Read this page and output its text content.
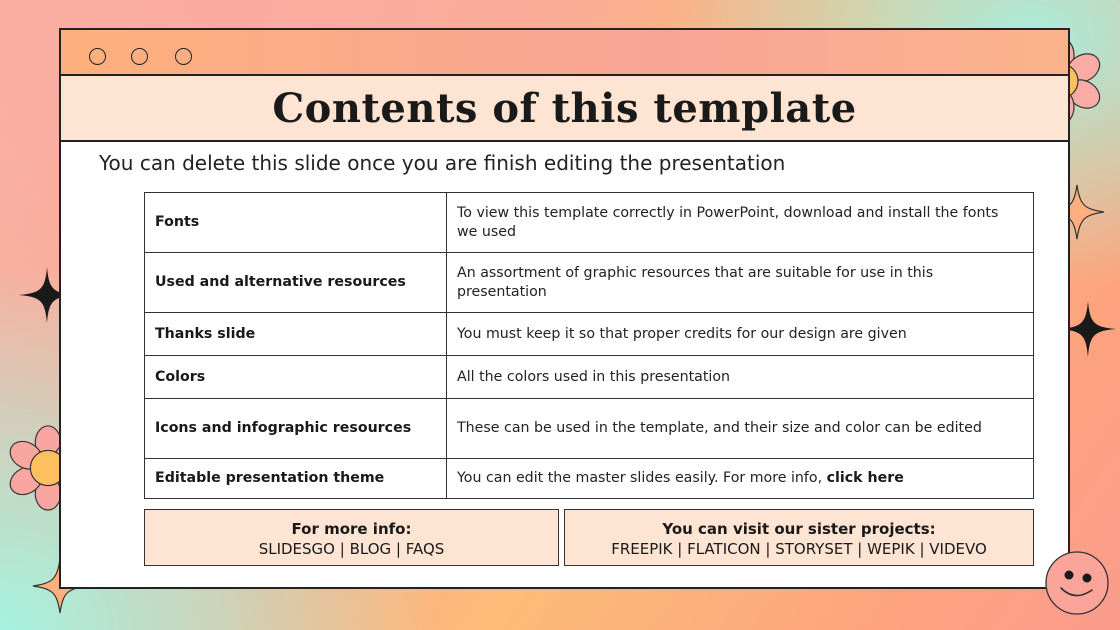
Contents of this template

You can delete this slide once you are finish editing the presentation

Fonts	To view this template correctly in PowerPoint, download and install the fonts we used
Used and alternative resources	An assortment of graphic resources that are suitable for use in this presentation
Thanks slide	You must keep it so that proper credits for our design are given
Colors	All the colors used in this presentation
Icons and infographic resources	These can be used in the template, and their size and color can be edited
Editable presentation theme	You can edit the master slides easily. For more info, click here
For more info:
SLIDESGO | BLOG | FAQS
You can visit our sister projects:
FREEPIK | FLATICON | STORYSET | WEPIK | VIDEVO
